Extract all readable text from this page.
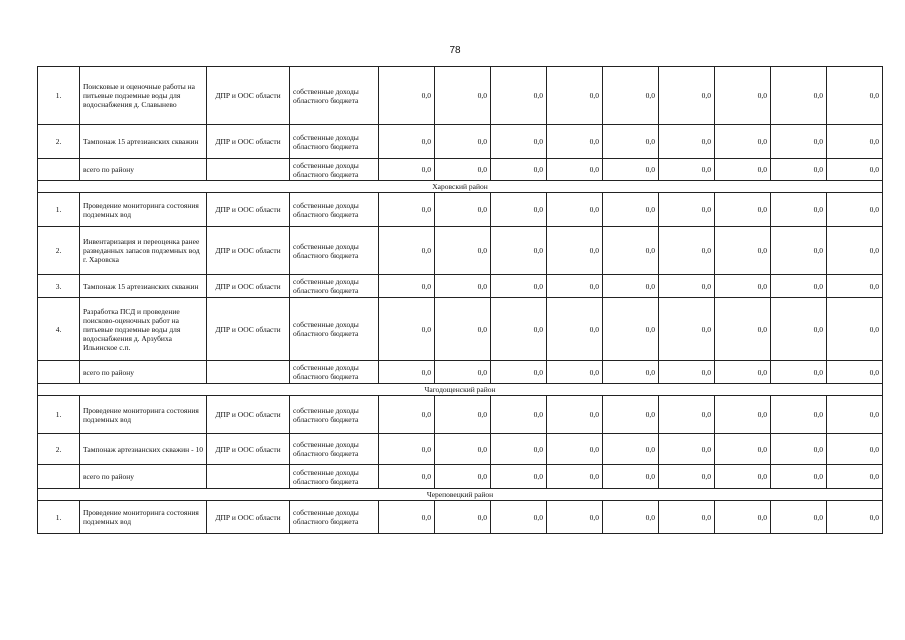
78
1.	Поисковые и оценочные работы на питьевые подземные воды для водоснабжения д. Славынево	ДПР и ООС области	собственные доходы областного бюджета	0,0	0,0	0,0	0,0	0,0	0,0	0,0	0,0	0,0
2.	Тампонаж 15 артезианских скважин	ДПР и ООС области	собственные доходы областного бюджета	0,0	0,0	0,0	0,0	0,0	0,0	0,0	0,0	0,0
	всего по району		собственные доходы областного бюджета	0,0	0,0	0,0	0,0	0,0	0,0	0,0	0,0	0,0
Харовский район												
1.	Проведение мониторинга состояния подземных вод	ДПР и ООС области	собственные доходы областного бюджета	0,0	0,0	0,0	0,0	0,0	0,0	0,0	0,0	0,0
2.	Инвентаризация и переоценка ранее разведанных запасов подземных вод г. Харовска	ДПР и ООС области	собственные доходы областного бюджета	0,0	0,0	0,0	0,0	0,0	0,0	0,0	0,0	0,0
3.	Тампонаж 15 артезианских скважин	ДПР и ООС области	собственные доходы областного бюджета	0,0	0,0	0,0	0,0	0,0	0,0	0,0	0,0	0,0
4.	Разработка ПСД и проведение поисково-оценочных работ на питьевые подземные воды для водоснабжения д. Арзубиха Ильинское с.п.	ДПР и ООС области	собственные доходы областного бюджета	0,0	0,0	0,0	0,0	0,0	0,0	0,0	0,0	0,0
	всего по району		собственные доходы областного бюджета	0,0	0,0	0,0	0,0	0,0	0,0	0,0	0,0	0,0
Чагодощенский район												
1.	Проведение мониторинга состояния подземных вод	ДПР и ООС области	собственные доходы областного бюджета	0,0	0,0	0,0	0,0	0,0	0,0	0,0	0,0	0,0
2.	Тампонаж артезианских скважин - 10	ДПР и ООС области	собственные доходы областного бюджета	0,0	0,0	0,0	0,0	0,0	0,0	0,0	0,0	0,0
	всего по району		собственные доходы областного бюджета	0,0	0,0	0,0	0,0	0,0	0,0	0,0	0,0	0,0
Череповецкий район												
1.	Проведение мониторинга состояния подземных вод	ДПР и ООС области	собственные доходы областного бюджета	0,0	0,0	0,0	0,0	0,0	0,0	0,0	0,0	0,0
